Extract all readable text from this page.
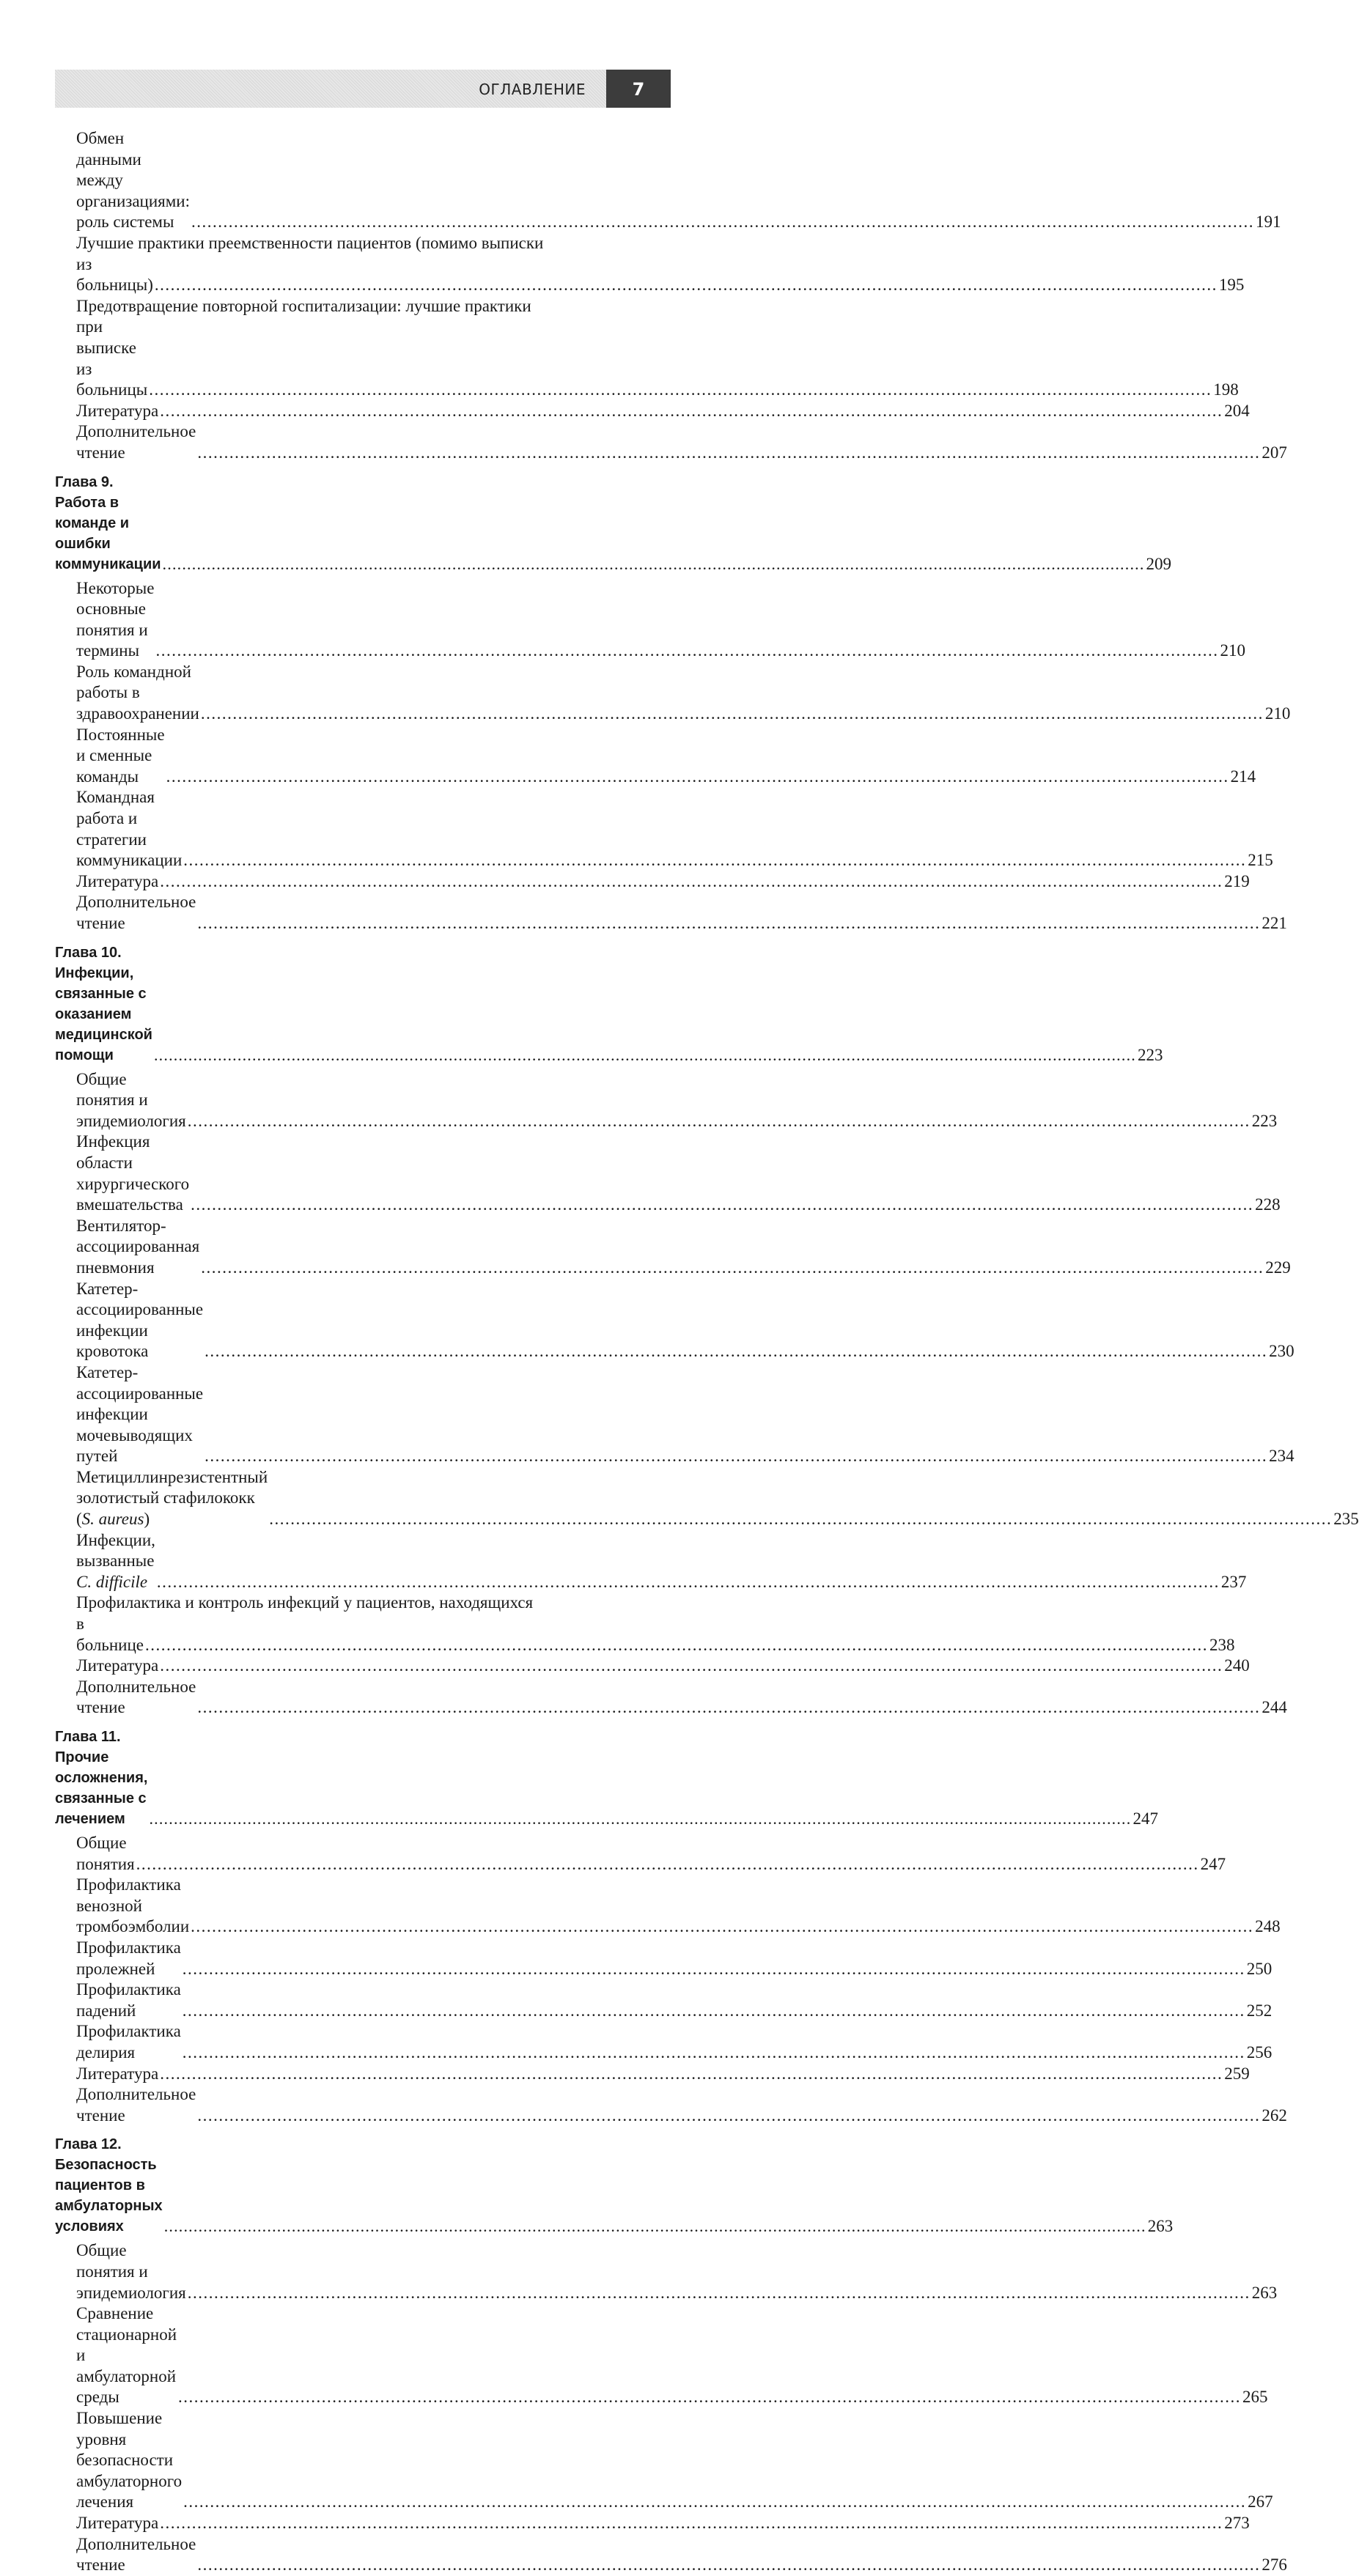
ОГЛАВЛЕНИЕ	7
Обмен данными между организациями: роль системы .....	191
Лучшие практики преемственности пациентов (помимо выписки
из больницы) .....	195
Предотвращение повторной госпитализации: лучшие практики
при выписке из больницы .....	198
Литература .....	204
Дополнительное чтение .....	207
Глава 9. Работа в команде и ошибки коммуникации .....	209
Некоторые основные понятия и термины .....	210
Роль командной работы в здравоохранении .....	210
Постоянные и сменные команды .....	214
Командная работа и стратегии коммуникации .....	215
Литература .....	219
Дополнительное чтение .....	221
Глава 10. Инфекции, связанные с оказанием медицинской помощи .....	223
Общие понятия и эпидемиология .....	223
Инфекция области хирургического вмешательства .....	228
Вентилятор-ассоциированная пневмония .....	229
Катетер-ассоциированные инфекции кровотока .....	230
Катетер-ассоциированные инфекции мочевыводящих путей .....	234
Метициллинрезистентный золотистый стафилококк (S. aureus) .....	235
Инфекции, вызванные C. difficile .....	237
Профилактика и контроль инфекций у пациентов, находящихся
в больнице .....	238
Литература .....	240
Дополнительное чтение .....	244
Глава 11. Прочие осложнения, связанные с лечением .....	247
Общие понятия .....	247
Профилактика венозной тромбоэмболии .....	248
Профилактика пролежней .....	250
Профилактика падений .....	252
Профилактика делирия .....	256
Литература .....	259
Дополнительное чтение .....	262
Глава 12. Безопасность пациентов в амбулаторных условиях .....	263
Общие понятия и эпидемиология .....	263
Сравнение стационарной и амбулаторной среды .....	265
Повышение уровня безопасности амбулаторного лечения .....	267
Литература .....	273
Дополнительное чтение .....	276
